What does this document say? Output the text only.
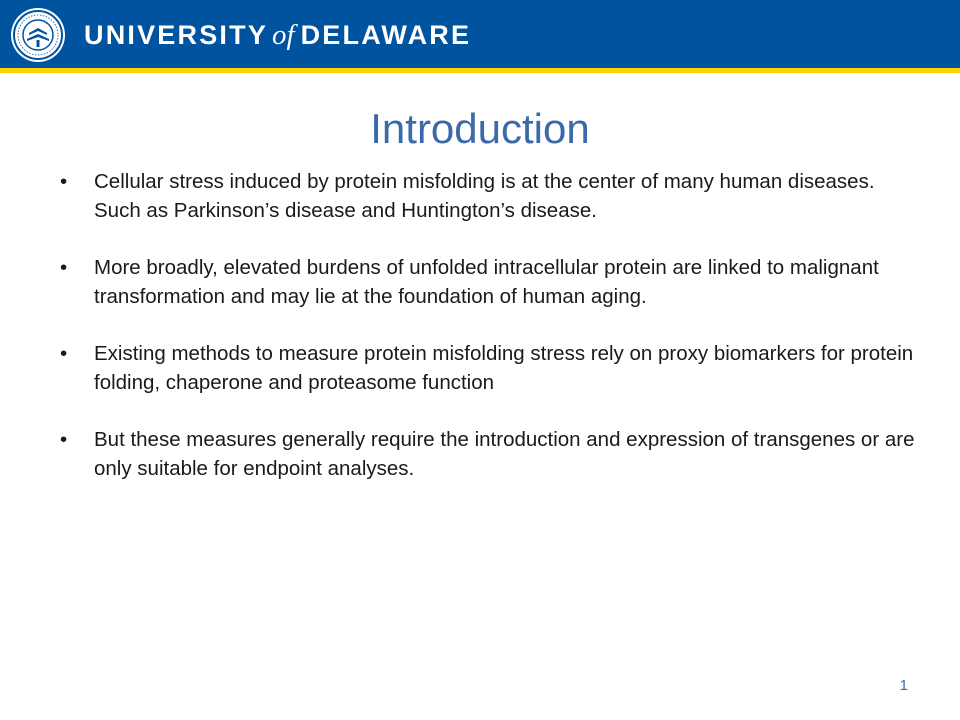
UNIVERSITY of DELAWARE
Introduction
• Cellular stress induced by protein misfolding is at the center of many human diseases. Such as Parkinson’s disease and Huntington’s disease.
• More broadly, elevated burdens of unfolded intracellular protein are linked to malignant transformation and may lie at the foundation of human aging.
• Existing methods to measure protein misfolding stress rely on proxy biomarkers for protein folding, chaperone and proteasome function
• But these measures generally require the introduction and expression of transgenes or are only suitable for endpoint analyses.
1
